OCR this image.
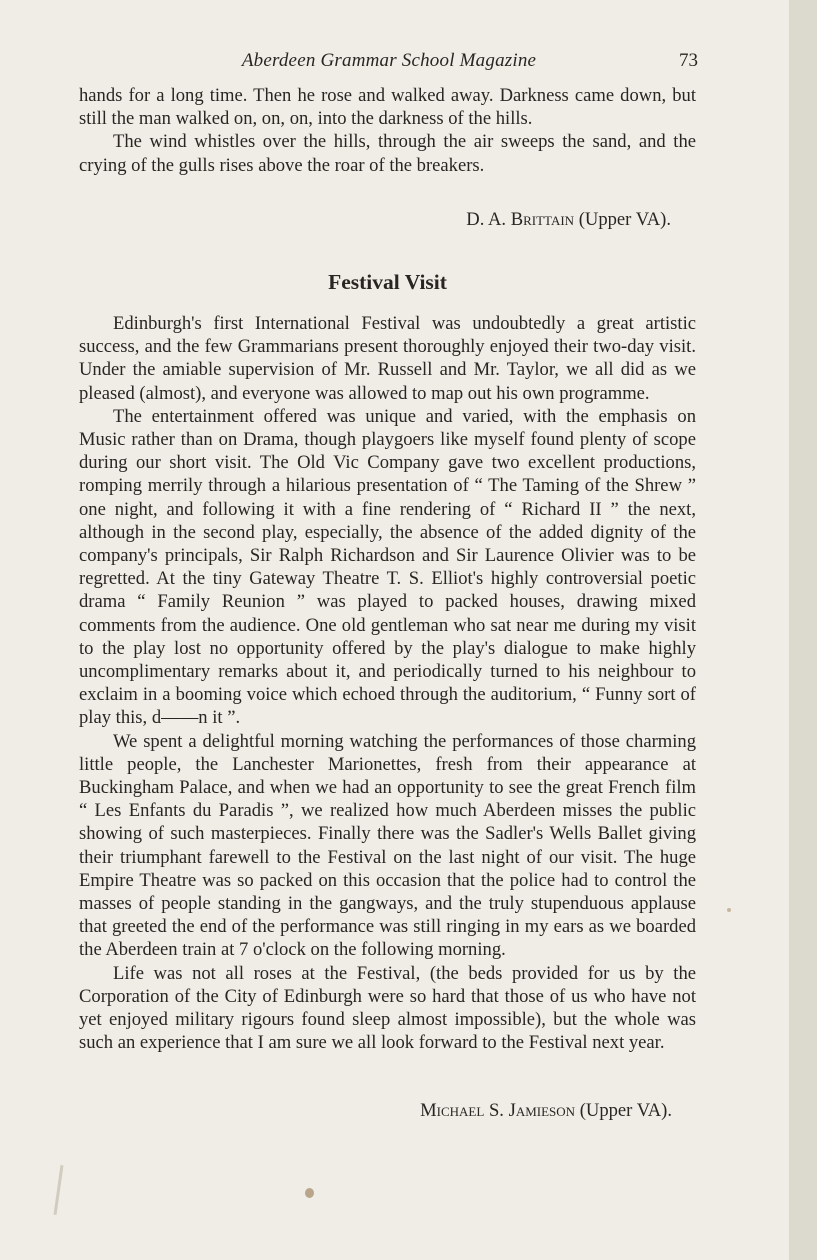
Aberdeen Grammar School Magazine	73

hands for a long time. Then he rose and walked away. Darkness came down, but still the man walked on, on, on, into the darkness of the hills.

The wind whistles over the hills, through the air sweeps the sand, and the crying of the gulls rises above the roar of the breakers.

D. A. Brittain (Upper VA).
Festival Visit

Edinburgh's first International Festival was undoubtedly a great artistic success, and the few Grammarians present thoroughly enjoyed their two-day visit. Under the amiable supervision of Mr. Russell and Mr. Taylor, we all did as we pleased (almost), and everyone was allowed to map out his own programme.

The entertainment offered was unique and varied, with the emphasis on Music rather than on Drama, though playgoers like myself found plenty of scope during our short visit. The Old Vic Company gave two excellent productions, romping merrily through a hilarious presentation of “ The Taming of the Shrew ” one night, and following it with a fine rendering of “ Richard II ” the next, although in the second play, especially, the absence of the added dignity of the company's principals, Sir Ralph Richardson and Sir Laurence Olivier was to be regretted. At the tiny Gateway Theatre T. S. Elliot's highly controversial poetic drama “ Family Reunion ” was played to packed houses, drawing mixed comments from the audience. One old gentleman who sat near me during my visit to the play lost no opportunity offered by the play's dialogue to make highly uncomplimentary remarks about it, and periodically turned to his neighbour to exclaim in a booming voice which echoed through the auditorium, “ Funny sort of play this, d——n it ”.

We spent a delightful morning watching the performances of those charming little people, the Lanchester Marionettes, fresh from their appearance at Buckingham Palace, and when we had an opportunity to see the great French film “ Les Enfants du Paradis ”, we realized how much Aberdeen misses the public showing of such masterpieces. Finally there was the Sadler's Wells Ballet giving their triumphant farewell to the Festival on the last night of our visit. The huge Empire Theatre was so packed on this occasion that the police had to control the masses of people standing in the gangways, and the truly stupenduous applause that greeted the end of the performance was still ringing in my ears as we boarded the Aberdeen train at 7 o'clock on the following morning.

Life was not all roses at the Festival, (the beds provided for us by the Corporation of the City of Edinburgh were so hard that those of us who have not yet enjoyed military rigours found sleep almost impossible), but the whole was such an experience that I am sure we all look forward to the Festival next year.

Michael S. Jamieson (Upper VA).
